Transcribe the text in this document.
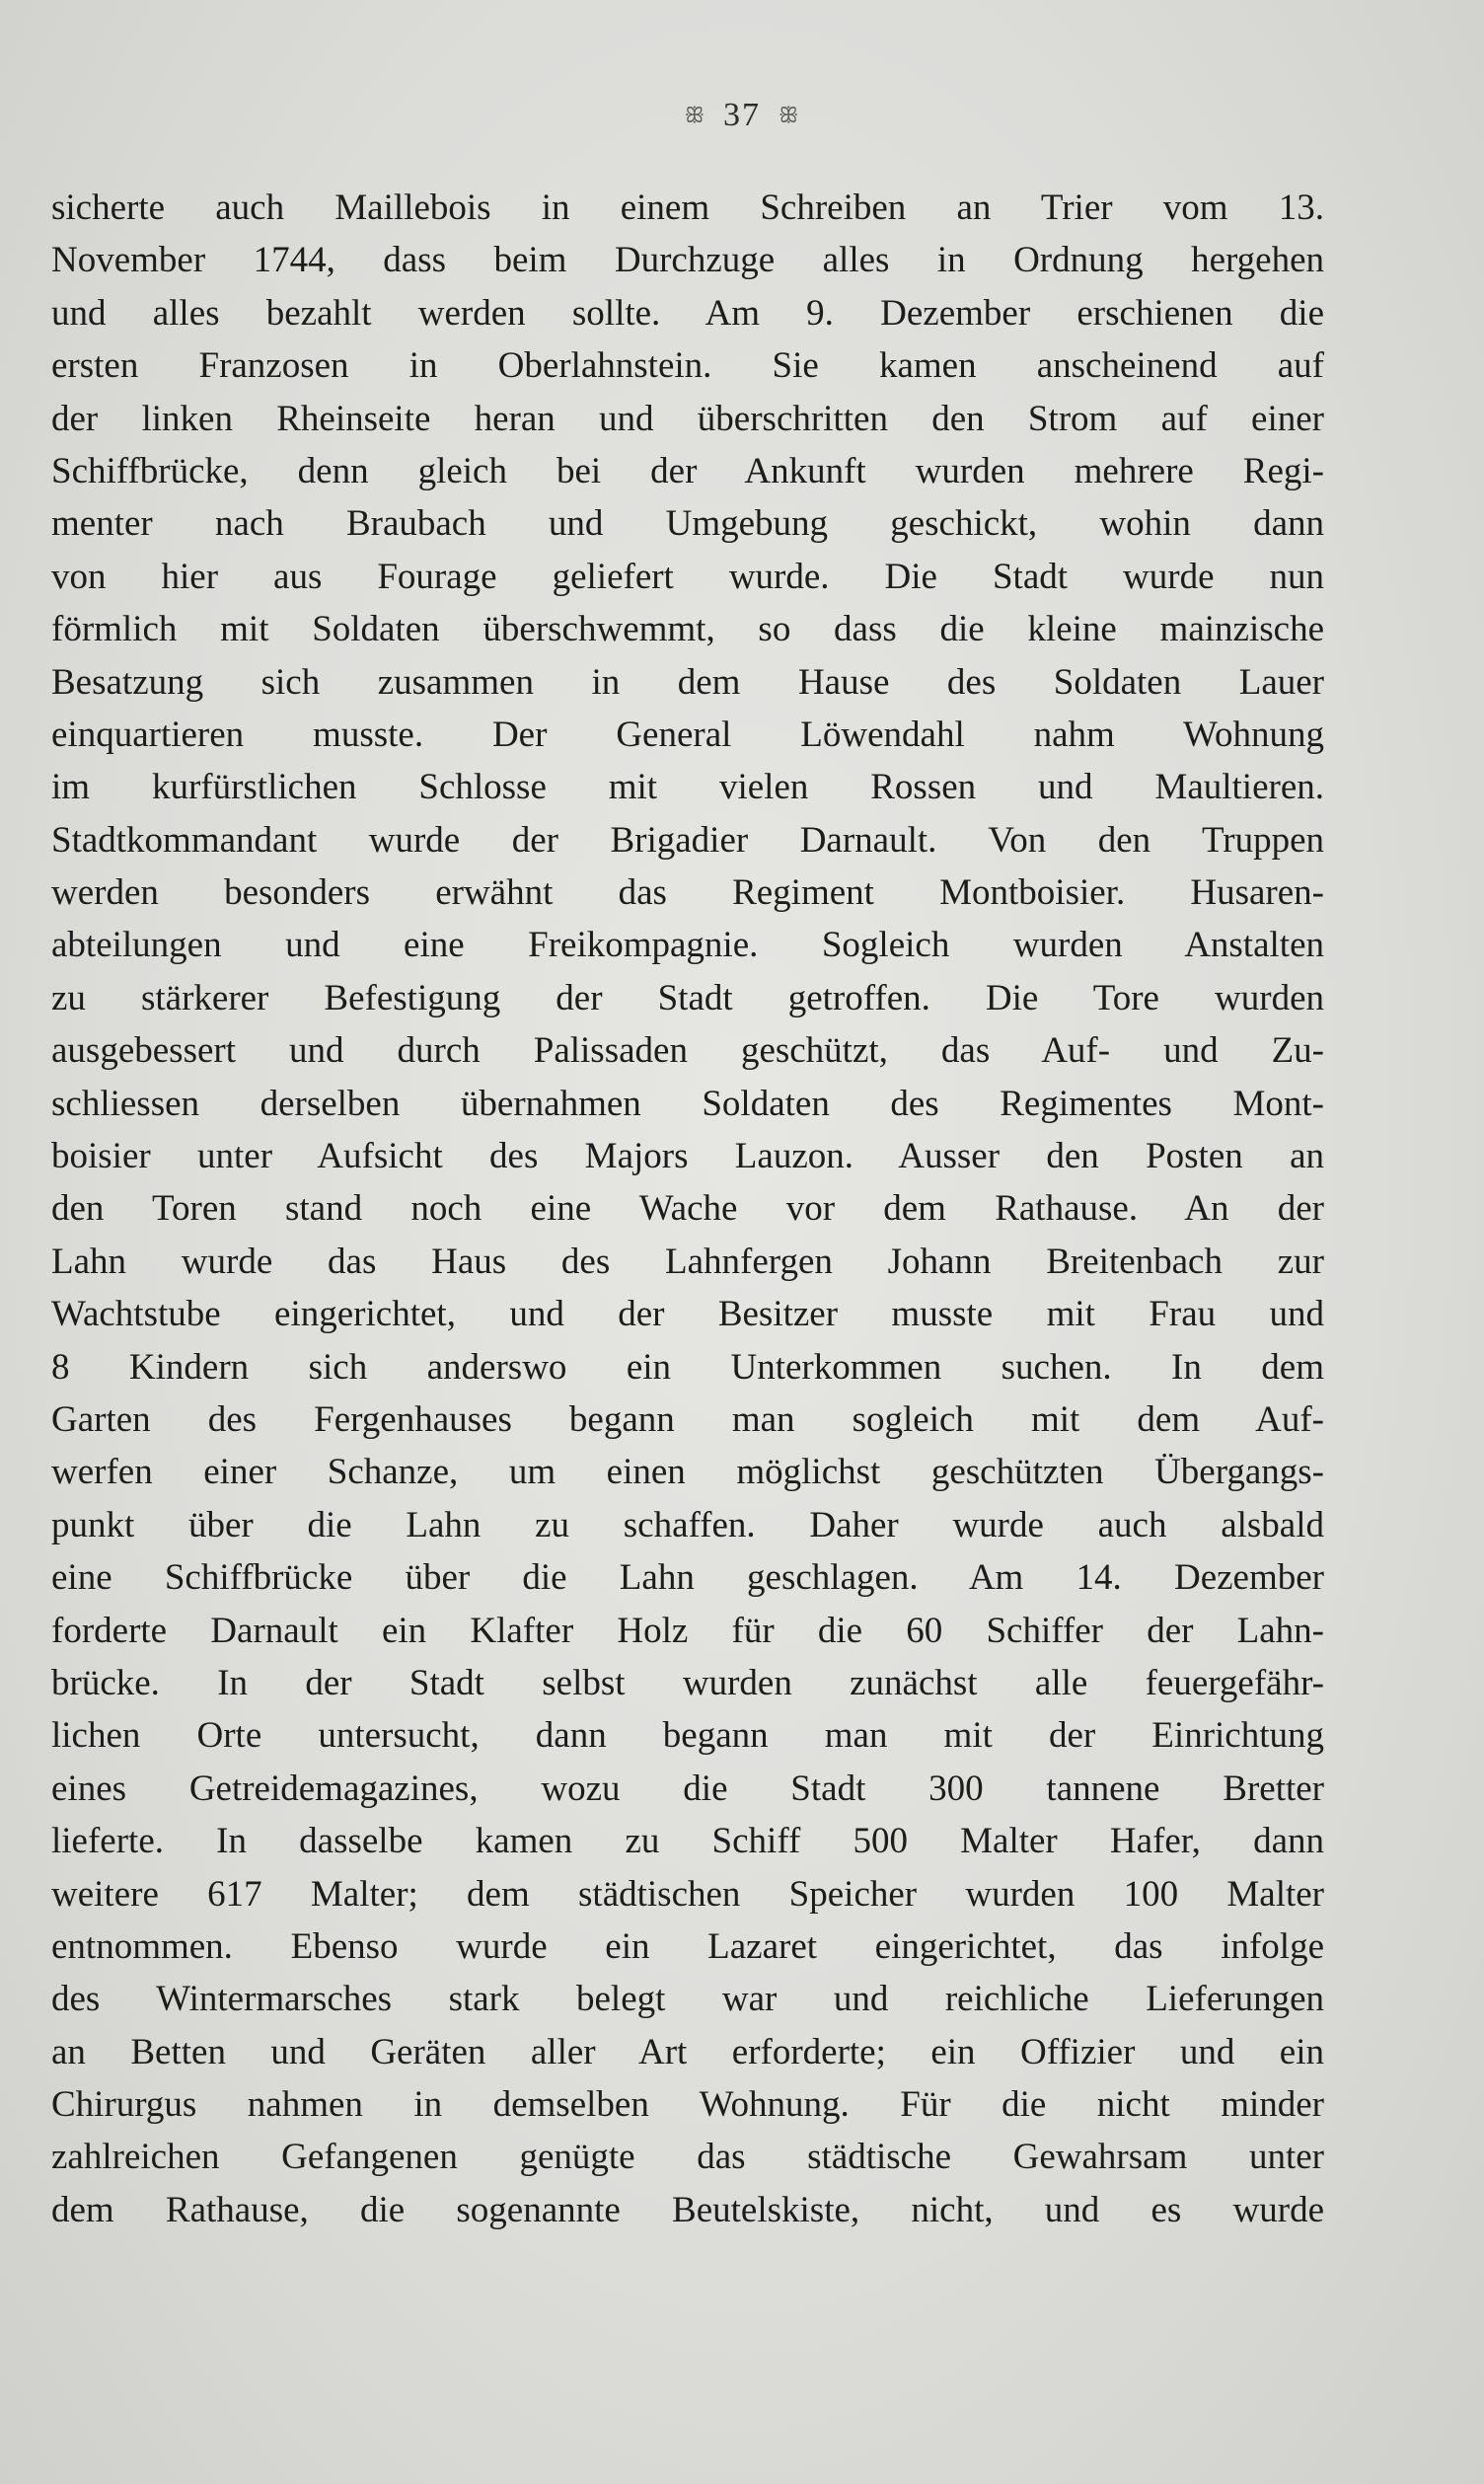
ꕥ 37 ꕥ
sicherte auch Maillebois in einem Schreiben an Trier vom 13.
November 1744, dass beim Durchzuge alles in Ordnung hergehen
und alles bezahlt werden sollte. Am 9. Dezember erschienen die
ersten Franzosen in Oberlahnstein. Sie kamen anscheinend auf
der linken Rheinseite heran und überschritten den Strom auf einer
Schiffbrücke, denn gleich bei der Ankunft wurden mehrere Regi-
menter nach Braubach und Umgebung geschickt, wohin dann
von hier aus Fourage geliefert wurde. Die Stadt wurde nun
förmlich mit Soldaten überschwemmt, so dass die kleine mainzische
Besatzung sich zusammen in dem Hause des Soldaten Lauer
einquartieren musste. Der General Löwendahl nahm Wohnung
im kurfürstlichen Schlosse mit vielen Rossen und Maultieren.
Stadtkommandant wurde der Brigadier Darnault. Von den Truppen
werden besonders erwähnt das Regiment Montboisier. Husaren-
abteilungen und eine Freikompagnie. Sogleich wurden Anstalten
zu stärkerer Befestigung der Stadt getroffen. Die Tore wurden
ausgebessert und durch Palissaden geschützt, das Auf- und Zu-
schliessen derselben übernahmen Soldaten des Regimentes Mont-
boisier unter Aufsicht des Majors Lauzon. Ausser den Posten an
den Toren stand noch eine Wache vor dem Rathause. An der
Lahn wurde das Haus des Lahnfergen Johann Breitenbach zur
Wachtstube eingerichtet, und der Besitzer musste mit Frau und
8 Kindern sich anderswo ein Unterkommen suchen. In dem
Garten des Fergenhauses begann man sogleich mit dem Auf-
werfen einer Schanze, um einen möglichst geschützten Übergangs-
punkt über die Lahn zu schaffen. Daher wurde auch alsbald
eine Schiffbrücke über die Lahn geschlagen. Am 14. Dezember
forderte Darnault ein Klafter Holz für die 60 Schiffer der Lahn-
brücke. In der Stadt selbst wurden zunächst alle feuergefähr-
lichen Orte untersucht, dann begann man mit der Einrichtung
eines Getreidemagazines, wozu die Stadt 300 tannene Bretter
lieferte. In dasselbe kamen zu Schiff 500 Malter Hafer, dann
weitere 617 Malter; dem städtischen Speicher wurden 100 Malter
entnommen. Ebenso wurde ein Lazaret eingerichtet, das infolge
des Wintermarsches stark belegt war und reichliche Lieferungen
an Betten und Geräten aller Art erforderte; ein Offizier und ein
Chirurgus nahmen in demselben Wohnung. Für die nicht minder
zahlreichen Gefangenen genügte das städtische Gewahrsam unter
dem Rathause, die sogenannte Beutelskiste, nicht, und es wurde
